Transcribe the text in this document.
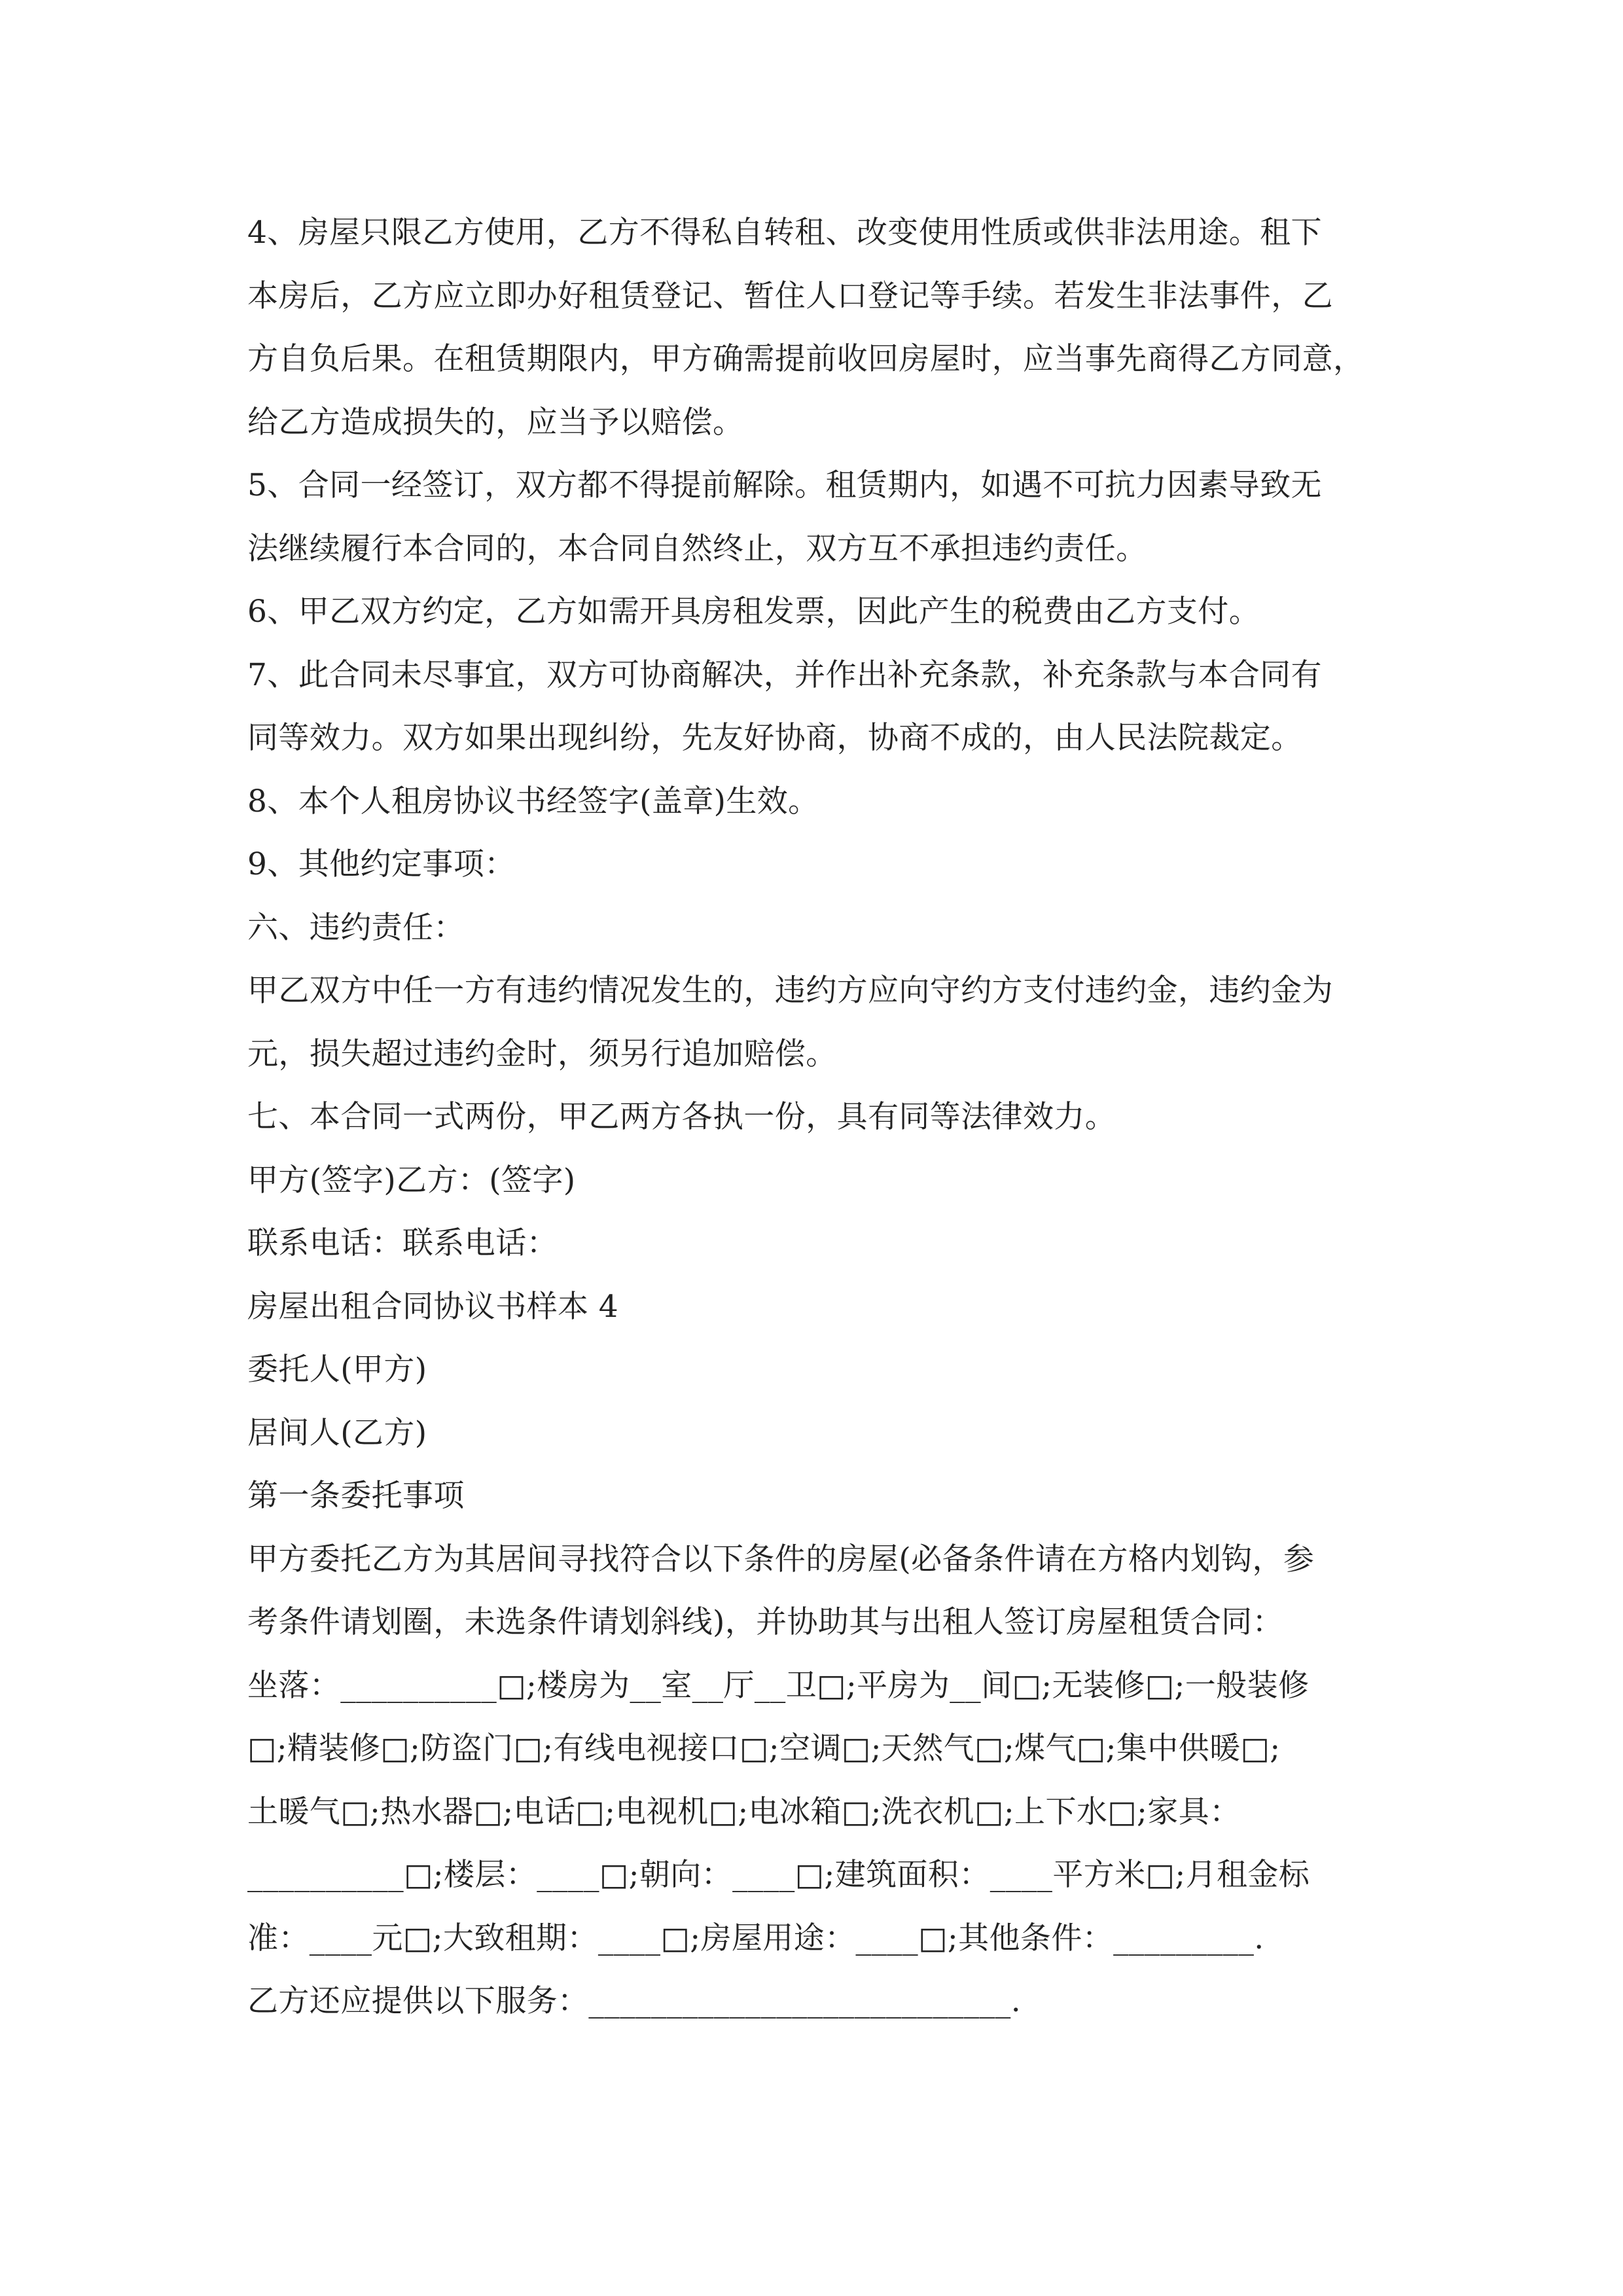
4、房屋只限乙方使用，乙方不得私自转租、改变使用性质或供非法用途。租下
本房后，乙方应立即办好租赁登记、暂住人口登记等手续。若发生非法事件，乙
方自负后果。在租赁期限内，甲方确需提前收回房屋时，应当事先商得乙方同意，
给乙方造成损失的，应当予以赔偿。
5、合同一经签订，双方都不得提前解除。租赁期内，如遇不可抗力因素导致无
法继续履行本合同的，本合同自然终止，双方互不承担违约责任。
6、甲乙双方约定，乙方如需开具房租发票，因此产生的税费由乙方支付。
7、此合同未尽事宜，双方可协商解决，并作出补充条款，补充条款与本合同有
同等效力。双方如果出现纠纷，先友好协商，协商不成的，由人民法院裁定。
8、本个人租房协议书经签字(盖章)生效。
9、其他约定事项：
六、违约责任：
甲乙双方中任一方有违约情况发生的，违约方应向守约方支付违约金，违约金为
元，损失超过违约金时，须另行追加赔偿。
七、本合同一式两份，甲乙两方各执一份，具有同等法律效力。
甲方(签字)乙方：(签字)
联系电话：联系电话：
房屋出租合同协议书样本 4
委托人(甲方)
居间人(乙方)
第一条委托事项
甲方委托乙方为其居间寻找符合以下条件的房屋(必备条件请在方格内划钩，参
考条件请划圈，未选条件请划斜线)，并协助其与出租人签订房屋租赁合同：
坐落：__________□;楼房为__室__厅__卫□;平房为__间□;无装修□;一般装修
□;精装修□;防盗门□;有线电视接口□;空调□;天然气□;煤气□;集中供暖□;
土暖气□;热水器□;电话□;电视机□;电冰箱□;洗衣机□;上下水□;家具：
__________□;楼层：____□;朝向：____□;建筑面积：____平方米□;月租金标
准：____元□;大致租期：____□;房屋用途：____□;其他条件：_________.
乙方还应提供以下服务：___________________________.
